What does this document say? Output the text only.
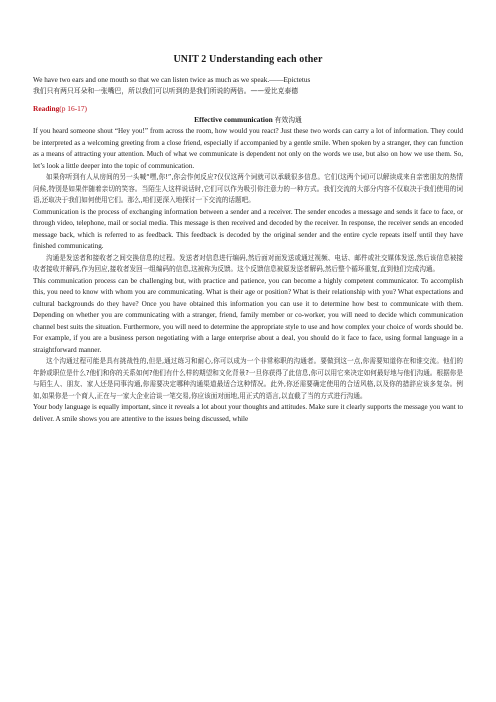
UNIT 2 Understanding each other
We have two ears and one mouth so that we can listen twice as much as we speak.——Epictetus
我们只有两只耳朵和一张嘴巴，所以我们可以听到的是我们所说的两倍。——爱比克泰德
Reading(p 16-17)
Effective communication 有效沟通

If you heard someone shout “Hey you!” from across the room, how would you react? Just these two words can carry a lot of information. They could be interpreted as a welcoming greeting from a close friend, especially if accompanied by a gentle smile. When spoken by a stranger, they can function as a means of attracting your attention. Much of what we communicate is dependent not only on the words we use, but also on how we use them. So, let’s look a little deeper into the topic of communication.

如果你听到有人从房间的另一头喊“嘿,你!”,你会作何反应?仅仅这两个词就可以承载很多信息。它们(这两个词)可以解读成来自亲密朋友的热情问候,特别是如果伴随着亲切的笑容。当陌生人这样说话时,它们可以作为吸引你注意力的一种方式。我们交流的大部分内容不仅取决于我们使用的词语,还取决于我们如何使用它们。那么,咱们更深入地探讨一下交流的话题吧。

Communication is the process of exchanging information between a sender and a receiver. The sender encodes a message and sends it face to face, or through video, telephone, mail or social media. This message is then received and decoded by the receiver. In response, the receiver sends an encoded message back, which is referred to as feedback. This feedback is decoded by the original sender and the entire cycle repeats itself until they have finished communicating.

沟通是发送者和接收者之间交换信息的过程。发送者对信息进行编码,然后面对面发送或通过视频、电话、邮件或社交媒体发送,然后该信息被接收者接收并解码,作为回应,接收者发回一组编码的信息,这被称为反馈。这个反馈信息被原发送者解码,然后整个循环重复,直到他们完成沟通。

This communication process can be challenging but, with practice and patience, you can become a highly competent communicator. To accomplish this, you need to know with whom you are communicating. What is their age or position? What is their relationship with you? What expectations and cultural backgrounds do they have? Once you have obtained this information you can use it to determine how best to communicate with them. Depending on whether you are communicating with a stranger, friend, family member or co-worker, you will need to decide which communication channel best suits the situation. Furthermore, you will need to determine the appropriate style to use and how complex your choice of words should be. For example, if you are a business person negotiating with a large enterprise about a deal, you should do it face to face, using formal language in a straightforward manner.

这个沟通过程可能是具有挑战性的,但是,通过练习和耐心,你可以成为一个非常称职的沟通者。要做到这一点,你需要知道你在和谁交流。他们的年龄或职位是什么?他们和你的关系如何?他们有什么样的期望和文化背景?一旦你获得了此信息,你可以用它来决定如何最好地与他们沟通。根据你是与陌生人、朋友、家人还是同事沟通,你需要决定哪种沟通渠道最适合这种情况。此外,你还需要确定使用的合适风格,以及你的措辞应该多复杂。例如,如果你是一个商人,正在与一家大企业洽谈一笔交易,你应该面对面地,用正式的语言,以直截了当的方式进行沟通。

Your body language is equally important, since it reveals a lot about your thoughts and attitudes. Make sure it clearly supports the message you want to deliver. A smile shows you are attentive to the issues being discussed, while
